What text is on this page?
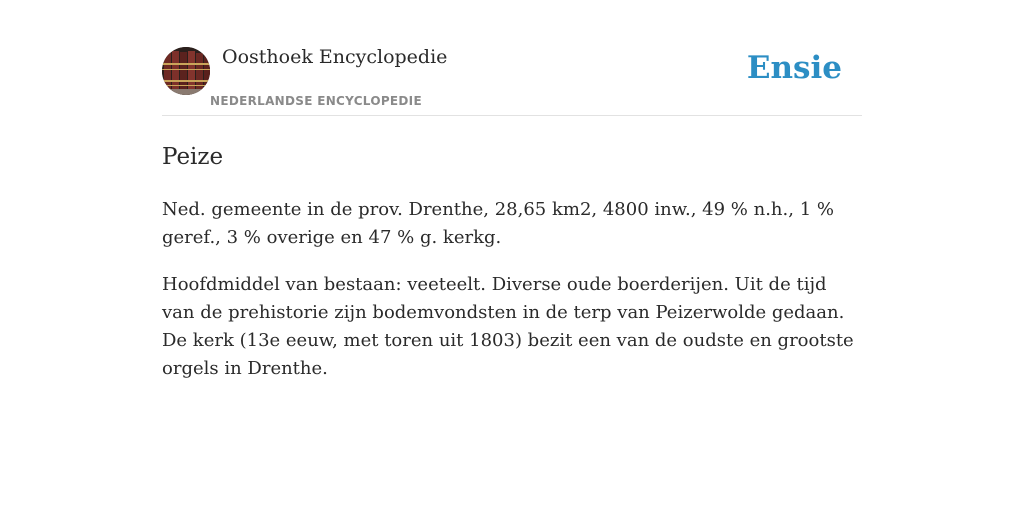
Oosthoek Encyclopedie
NEDERLANDSE ENCYCLOPEDIE
Ensie
Peize

Ned. gemeente in de prov. Drenthe, 28,65 km2, 4800 inw., 49 % n.h., 1 % geref., 3 % overige en 47 % g. kerkg.

Hoofdmiddel van bestaan: veeteelt. Diverse oude boerderijen. Uit de tijd van de prehistorie zijn bodemvondsten in de terp van Peizerwolde gedaan. De kerk (13e eeuw, met toren uit 1803) bezit een van de oudste en grootste orgels in Drenthe.
